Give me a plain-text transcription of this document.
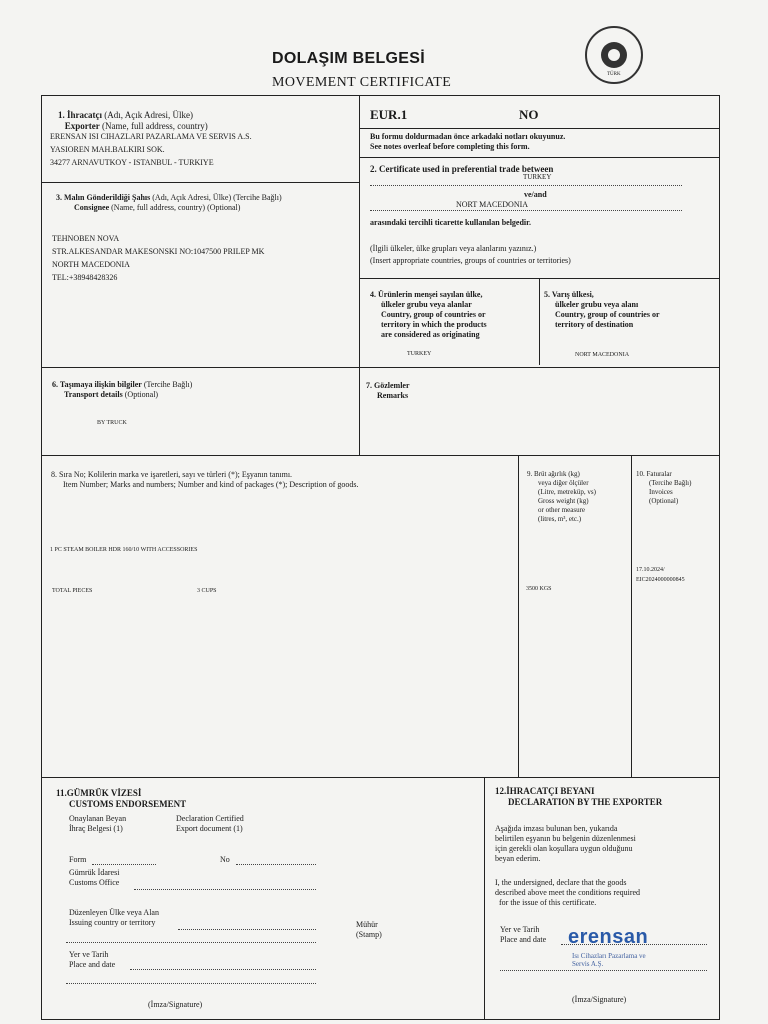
DOLAŞIM BELGESİ
MOVEMENT CERTIFICATE
TÜRK
1. İhracatçı (Adı, Açık Adresi, Ülke)
Exporter (Name, full address, country)
ERENSAN ISI CIHAZLARI PAZARLAMA VE SERVIS A.S.
YASIOREN MAH.BALKIRI SOK.
34277 ARNAVUTKOY - ISTANBUL - TURKIYE
EUR.1	NO
Bu formu doldurmadan önce arkadaki notları okuyunuz.
See notes overleaf before completing this form.
2. Certificate used in preferential trade between
TURKEY
ve/and
NORT MACEDONIA
arasındaki tercihli ticarette kullanılan belgedir.
(İlgili ülkeler, ülke grupları veya alanlarını yazınız.)
(Insert appropriate countries, groups of countries or territories)
3. Malın Gönderildiği Şahıs (Adı, Açık Adresi, Ülke) (Tercihe Bağlı)
Consignee (Name, full address, country) (Optional)
TEHNOBEN NOVA
STR.ALKESANDAR MAKESONSKI NO:1047500 PRILEP MK
NORTH MACEDONIA
TEL:+38948428326
4. Ürünlerin menşei sayılan ülke,
ülkeler grubu veya alanlar
Country, group of countries or
territory in which the products
are considered as originating
TURKEY
5. Varış ülkesi,
ülkeler grubu veya alanı
Country, group of countries or
territory of destination
NORT MACEDONIA
6. Taşımaya ilişkin bilgiler (Tercihe Bağlı)
Transport details (Optional)
BY TRUCK
7. Gözlemler
Remarks
8. Sıra No; Kolilerin marka ve işaretleri, sayı ve türleri (*); Eşyanın tanımı.
Item Number; Marks and numbers; Number and kind of packages (*); Description of goods.
1 PC STEAM BOILER HDR 160/10 WITH ACCESSORIES
TOTAL PIECES	3 CUPS
9. Brüt ağırlık (kg)
veya diğer ölçüler
(Litre, metreküp, vs)
Gross weight (kg)
or other measure
(litres, m³, etc.)
3500 KGS
10. Faturalar
(Tercihe Bağlı)
Invoices
(Optional)
17.10.2024/
EIC2024000000845
11.GÜMRÜK VİZESİ
CUSTOMS ENDORSEMENT
Onaylanan Beyan
İhraç Belgesi (1)
Declaration Certified
Export document (1)
Form	No
Gümrük İdaresi
Customs Office
Düzenleyen Ülke veya Alan
Issuing country or territory	Mühür
(Stamp)
Yer ve Tarih
Place and date
(İmza/Signature)
12.İHRACATÇI BEYANI
DECLARATION BY THE EXPORTER
Aşağıda imzası bulunan ben, yukarıda
belirtilen eşyanın bu belgenin düzenlenmesi
için gerekli olan koşullara uygun olduğunu
beyan ederim.
I, the undersigned, declare that the goods
described above meet the conditions required
for the issue of this certificate.
Yer ve Tarih
Place and date erensan
Isı Cihazları Pazarlama ve Servis A.Ş.
(İmza/Signature)
